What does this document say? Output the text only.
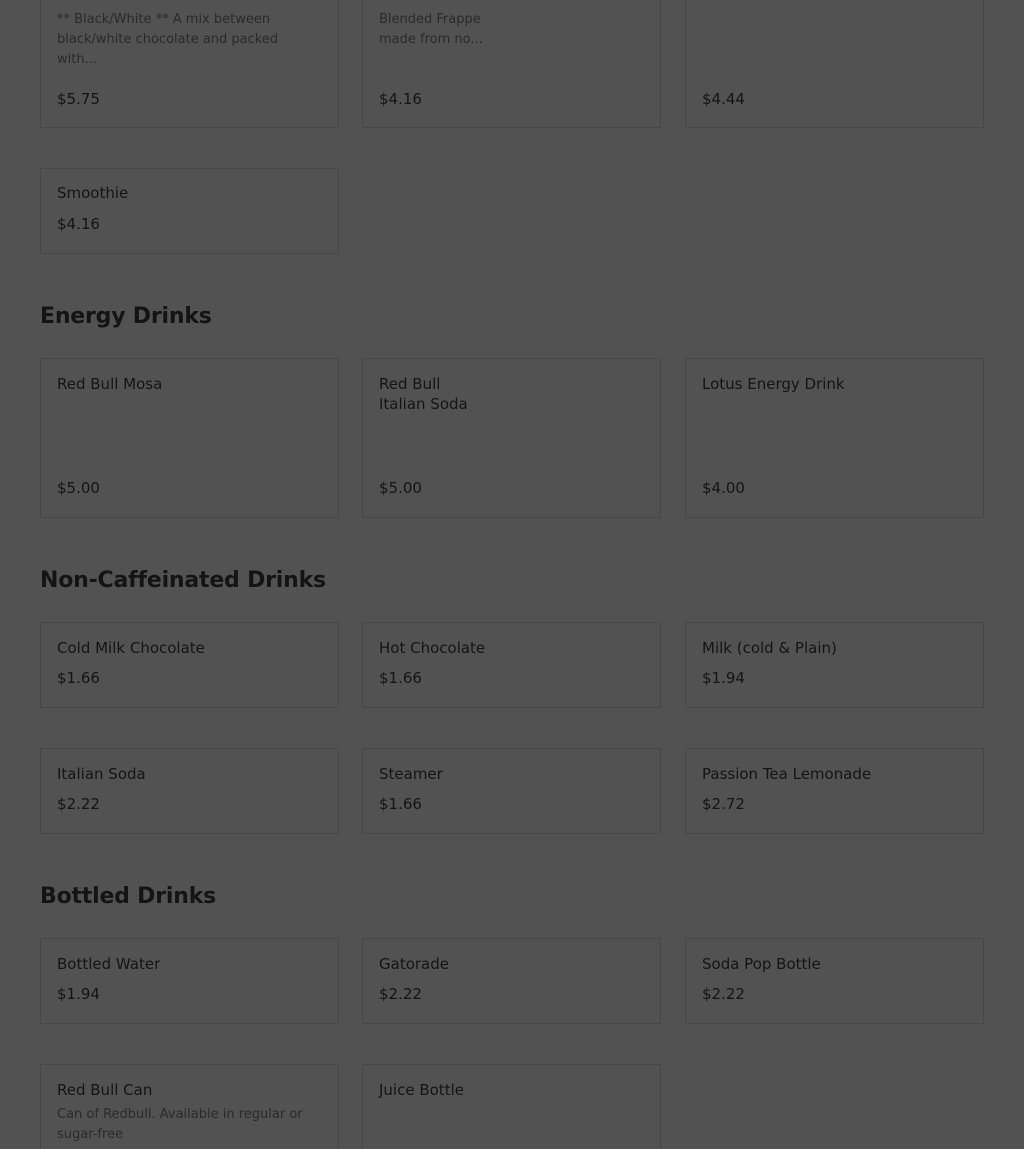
** Black/White ** A mix between black/white chocolate and packed with...
$5.75
Blended Frappe made from no...
$4.16	$4.44
Smoothie
$4.16
Energy Drinks
Red Bull Mosa
$5.00
Red Bull Italian Soda
$5.00
Lotus Energy Drink
$4.00
Non-Caffeinated Drinks
Cold Milk Chocolate
$1.66
Hot Chocolate
$1.66
Milk (cold & Plain)
$1.94
Italian Soda
$2.22
Steamer
$1.66
Passion Tea Lemonade
$2.72
Bottled Drinks
Bottled Water
$1.94
Gatorade
$2.22
Soda Pop Bottle
$2.22
Red Bull Can
Can of Redbull. Available in regular or sugar-free
Juice Bottle
